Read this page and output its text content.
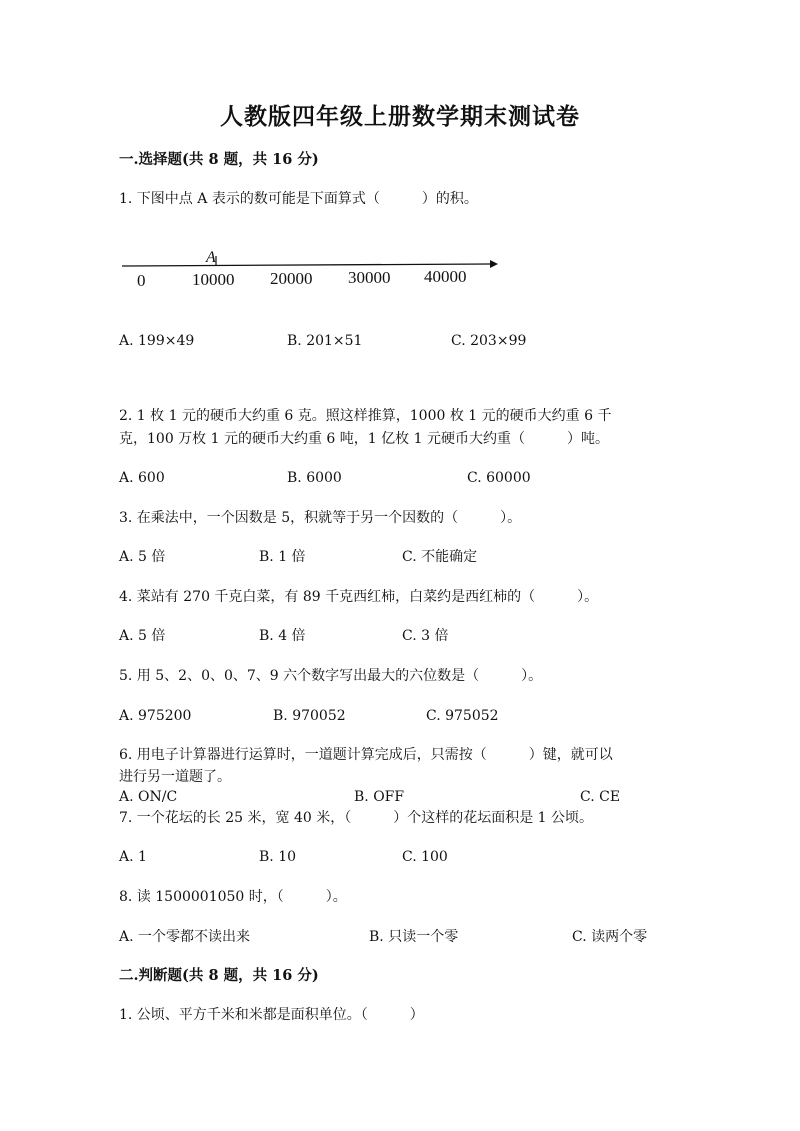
人教版四年级上册数学期末测试卷
一.选择题(共 8 题，共 16 分)
1. 下图中点 A 表示的数可能是下面算式（　　　）的积。
A
0	10000 20000 30000 40000
A. 199×49	B. 201×51	C. 203×99
2. 1 枚 1 元的硬币大约重 6 克。照这样推算，1000 枚 1 元的硬币大约重 6 千
克，100 万枚 1 元的硬币大约重 6 吨，1 亿枚 1 元硬币大约重（　　　）吨。
A. 600	B. 6000	C. 60000
3. 在乘法中，一个因数是 5，积就等于另一个因数的（　　　）。
A. 5 倍	B. 1 倍	C. 不能确定
4. 菜站有 270 千克白菜，有 89 千克西红柿，白菜约是西红柿的（　　　）。
A. 5 倍	B. 4 倍	C. 3 倍
5. 用 5、2、0、0、7、9 六个数字写出最大的六位数是（　　　）。
A. 975200	B. 970052	C. 975052
6. 用电子计算器进行运算时，一道题计算完成后，只需按（　　　）键，就可以
进行另一道题了。
A. ON/C	B. OFF	C. CE
7. 一个花坛的长 25 米，宽 40 米，（　　　）个这样的花坛面积是 1 公顷。
A. 1	B. 10	C. 100
8. 读 1500001050 时，（　　　）。
A. 一个零都不读出来	B. 只读一个零	C. 读两个零
二.判断题(共 8 题，共 16 分)
1. 公顷、平方千米和米都是面积单位。（　　　）
